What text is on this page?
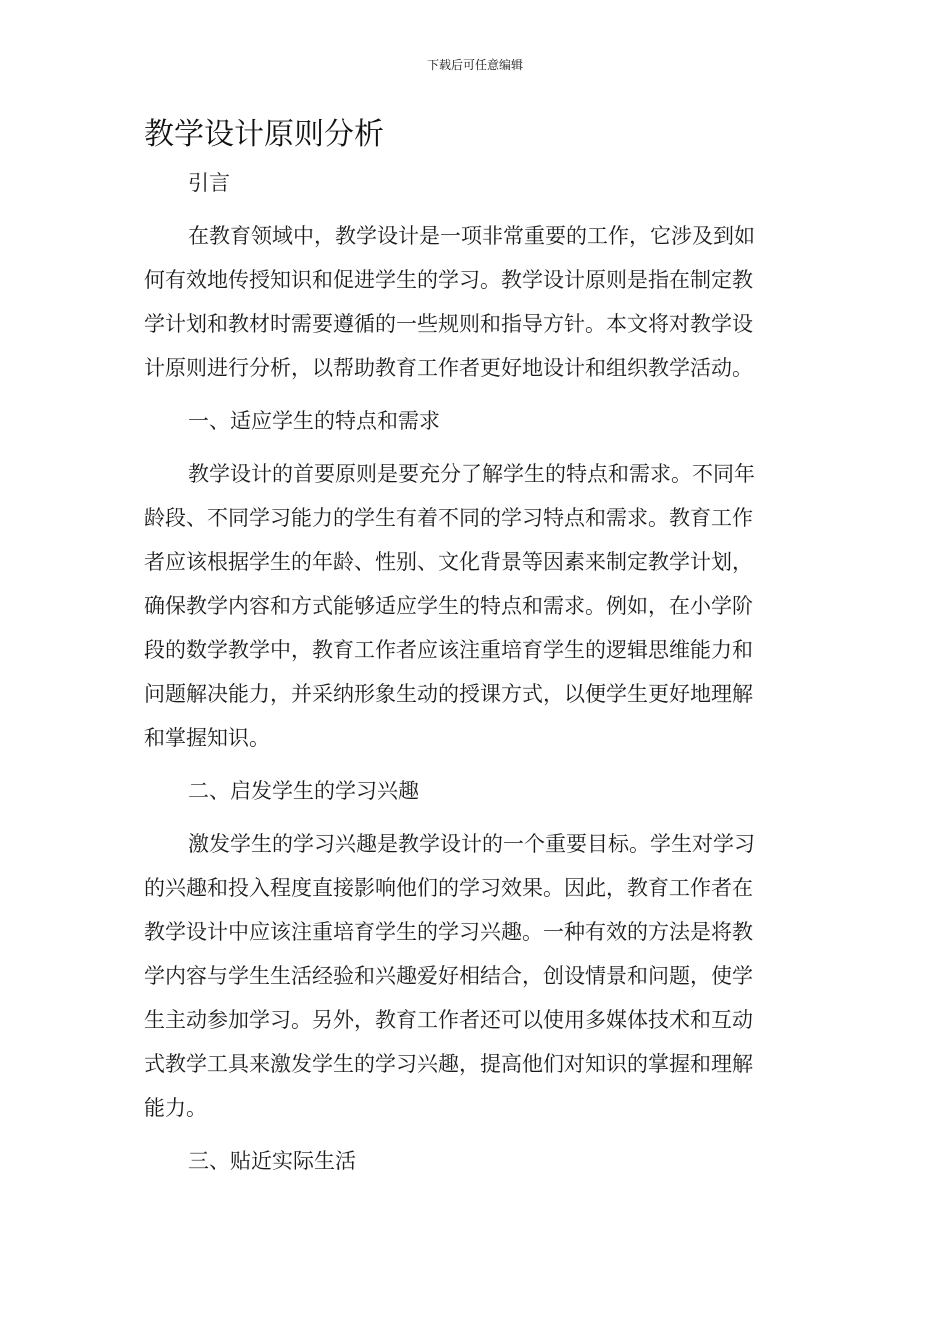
下载后可任意编辑
教学设计原则分析
引言
在教育领域中，教学设计是一项非常重要的工作，它涉及到如
何有效地传授知识和促进学生的学习。教学设计原则是指在制定教
学计划和教材时需要遵循的一些规则和指导方针。本文将对教学设
计原则进行分析，以帮助教育工作者更好地设计和组织教学活动。
一、适应学生的特点和需求
教学设计的首要原则是要充分了解学生的特点和需求。不同年
龄段、不同学习能力的学生有着不同的学习特点和需求。教育工作
者应该根据学生的年龄、性别、文化背景等因素来制定教学计划，
确保教学内容和方式能够适应学生的特点和需求。例如，在小学阶
段的数学教学中，教育工作者应该注重培育学生的逻辑思维能力和
问题解决能力，并采纳形象生动的授课方式，以便学生更好地理解
和掌握知识。
二、启发学生的学习兴趣
激发学生的学习兴趣是教学设计的一个重要目标。学生对学习
的兴趣和投入程度直接影响他们的学习效果。因此，教育工作者在
教学设计中应该注重培育学生的学习兴趣。一种有效的方法是将教
学内容与学生生活经验和兴趣爱好相结合，创设情景和问题，使学
生主动参加学习。另外，教育工作者还可以使用多媒体技术和互动
式教学工具来激发学生的学习兴趣，提高他们对知识的掌握和理解
能力。
三、贴近实际生活
